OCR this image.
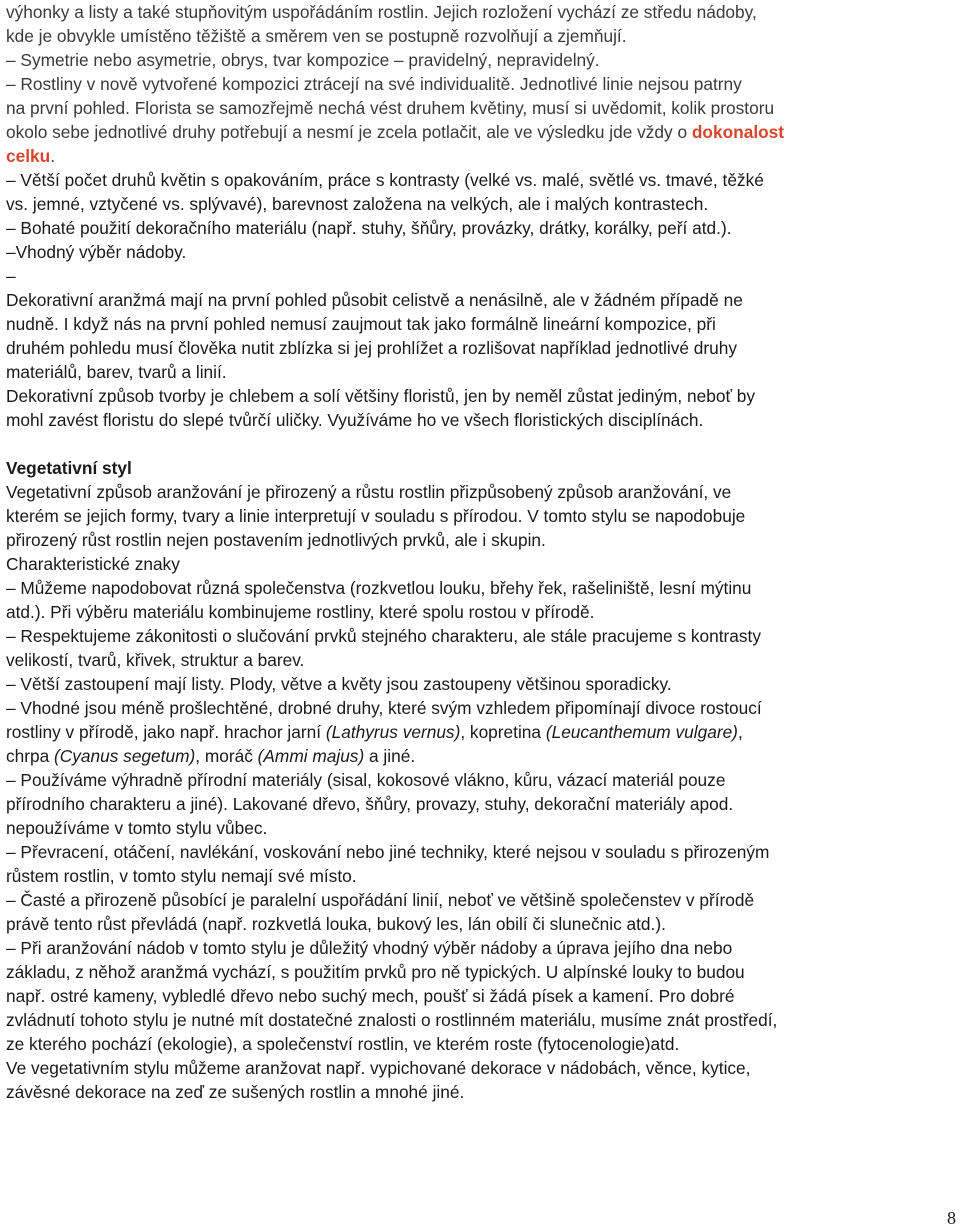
výhonky a listy a také stupňovitým uspořádáním rostlin. Jejich rozložení vychází ze středu nádoby,
kde je obvykle umístěno těžiště a směrem ven se postupně rozvolňují a zjemňují.
– Symetrie nebo asymetrie, obrys, tvar kompozice – pravidelný, nepravidelný.
– Rostliny v nově vytvořené kompozici ztrácejí na své individualitě. Jednotlivé linie nejsou patrny
na první pohled. Florista se samozřejmě nechá vést druhem květiny, musí si uvědomit, kolik prostoru
okolo sebe jednotlivé druhy potřebují a nesmí je zcela potlačit, ale ve výsledku jde vždy o dokonalost
celku.
– Větší počet druhů květin s opakováním, práce s kontrasty (velké vs. malé, světlé vs. tmavé, těžké
vs. jemné, vztyčené vs. splývavé), barevnost založena na velkých, ale i malých kontrastech.
– Bohaté použití dekoračního materiálu (např. stuhy, šňůry, provázky, drátky, korálky, peří atd.).
–Vhodný výběr nádoby.
–
Dekorativní aranžmá mají na první pohled působit celistvě a nenásilně, ale v žádném případě ne
nudně. I když nás na první pohled nemusí zaujmout tak jako formálně lineární kompozice, při
druhém pohledu musí člověka nutit zblízka si jej prohlížet a rozlišovat například jednotlivé druhy
materiálů, barev, tvarů a linií.
Dekorativní způsob tvorby je chlebem a solí většiny floristů, jen by neměl zůstat jediným, neboť by
mohl zavést floristu do slepé tvůrčí uličky. Využíváme ho ve všech floristických disciplínách.
Vegetativní styl
Vegetativní způsob aranžování je přirozený a růstu rostlin přizpůsobený způsob aranžování, ve
kterém se jejich formy, tvary a linie interpretují v souladu s přírodou. V tomto stylu se napodobuje
přirozený růst rostlin nejen postavením jednotlivých prvků, ale i skupin.
Charakteristické znaky
– Můžeme napodobovat různá společenstva (rozkvetlou louku, břehy řek, rašeliniště, lesní mýtinu
atd.). Při výběru materiálu kombinujeme rostliny, které spolu rostou v přírodě.
– Respektujeme zákonitosti o slučování prvků stejného charakteru, ale stále pracujeme s kontrasty
velikostí, tvarů, křivek, struktur a barev.
– Větší zastoupení mají listy. Plody, větve a květy jsou zastoupeny většinou sporadicky.
– Vhodné jsou méně prošlechtěné, drobné druhy, které svým vzhledem připomínají divoce rostoucí
rostliny v přírodě, jako např. hrachor jarní (Lathyrus vernus), kopretina (Leucanthemum vulgare),
chrpa (Cyanus segetum), moráč (Ammi majus) a jiné.
– Používáme výhradně přírodní materiály (sisal, kokosové vlákno, kůru, vázací materiál pouze
přírodního charakteru a jiné). Lakované dřevo, šňůry, provazy, stuhy, dekorační materiály apod.
nepoužíváme v tomto stylu vůbec.
– Převracení, otáčení, navlékání, voskování nebo jiné techniky, které nejsou v souladu s přirozeným
růstem rostlin, v tomto stylu nemají své místo.
– Časté a přirozeně působící je paralelní uspořádání linií, neboť ve většině společenstev v přírodě
právě tento růst převládá (např. rozkvetlá louka, bukový les, lán obilí či slunečnic atd.).
– Při aranžování nádob v tomto stylu je důležitý vhodný výběr nádoby a úprava jejího dna nebo
základu, z něhož aranžmá vychází, s použitím prvků pro ně typických. U alpínské louky to budou
např. ostré kameny, vybledlé dřevo nebo suchý mech, poušť si žádá písek a kamení. Pro dobré
zvládnutí tohoto stylu je nutné mít dostatečné znalosti o rostlinném materiálu, musíme znát prostředí,
ze kterého pochází (ekologie), a společenství rostlin, ve kterém roste (fytocenologie)atd.
Ve vegetativním stylu můžeme aranžovat např. vypichované dekorace v nádobách, věnce, kytice,
závěsné dekorace na zeď ze sušených rostlin a mnohé jiné.
8
